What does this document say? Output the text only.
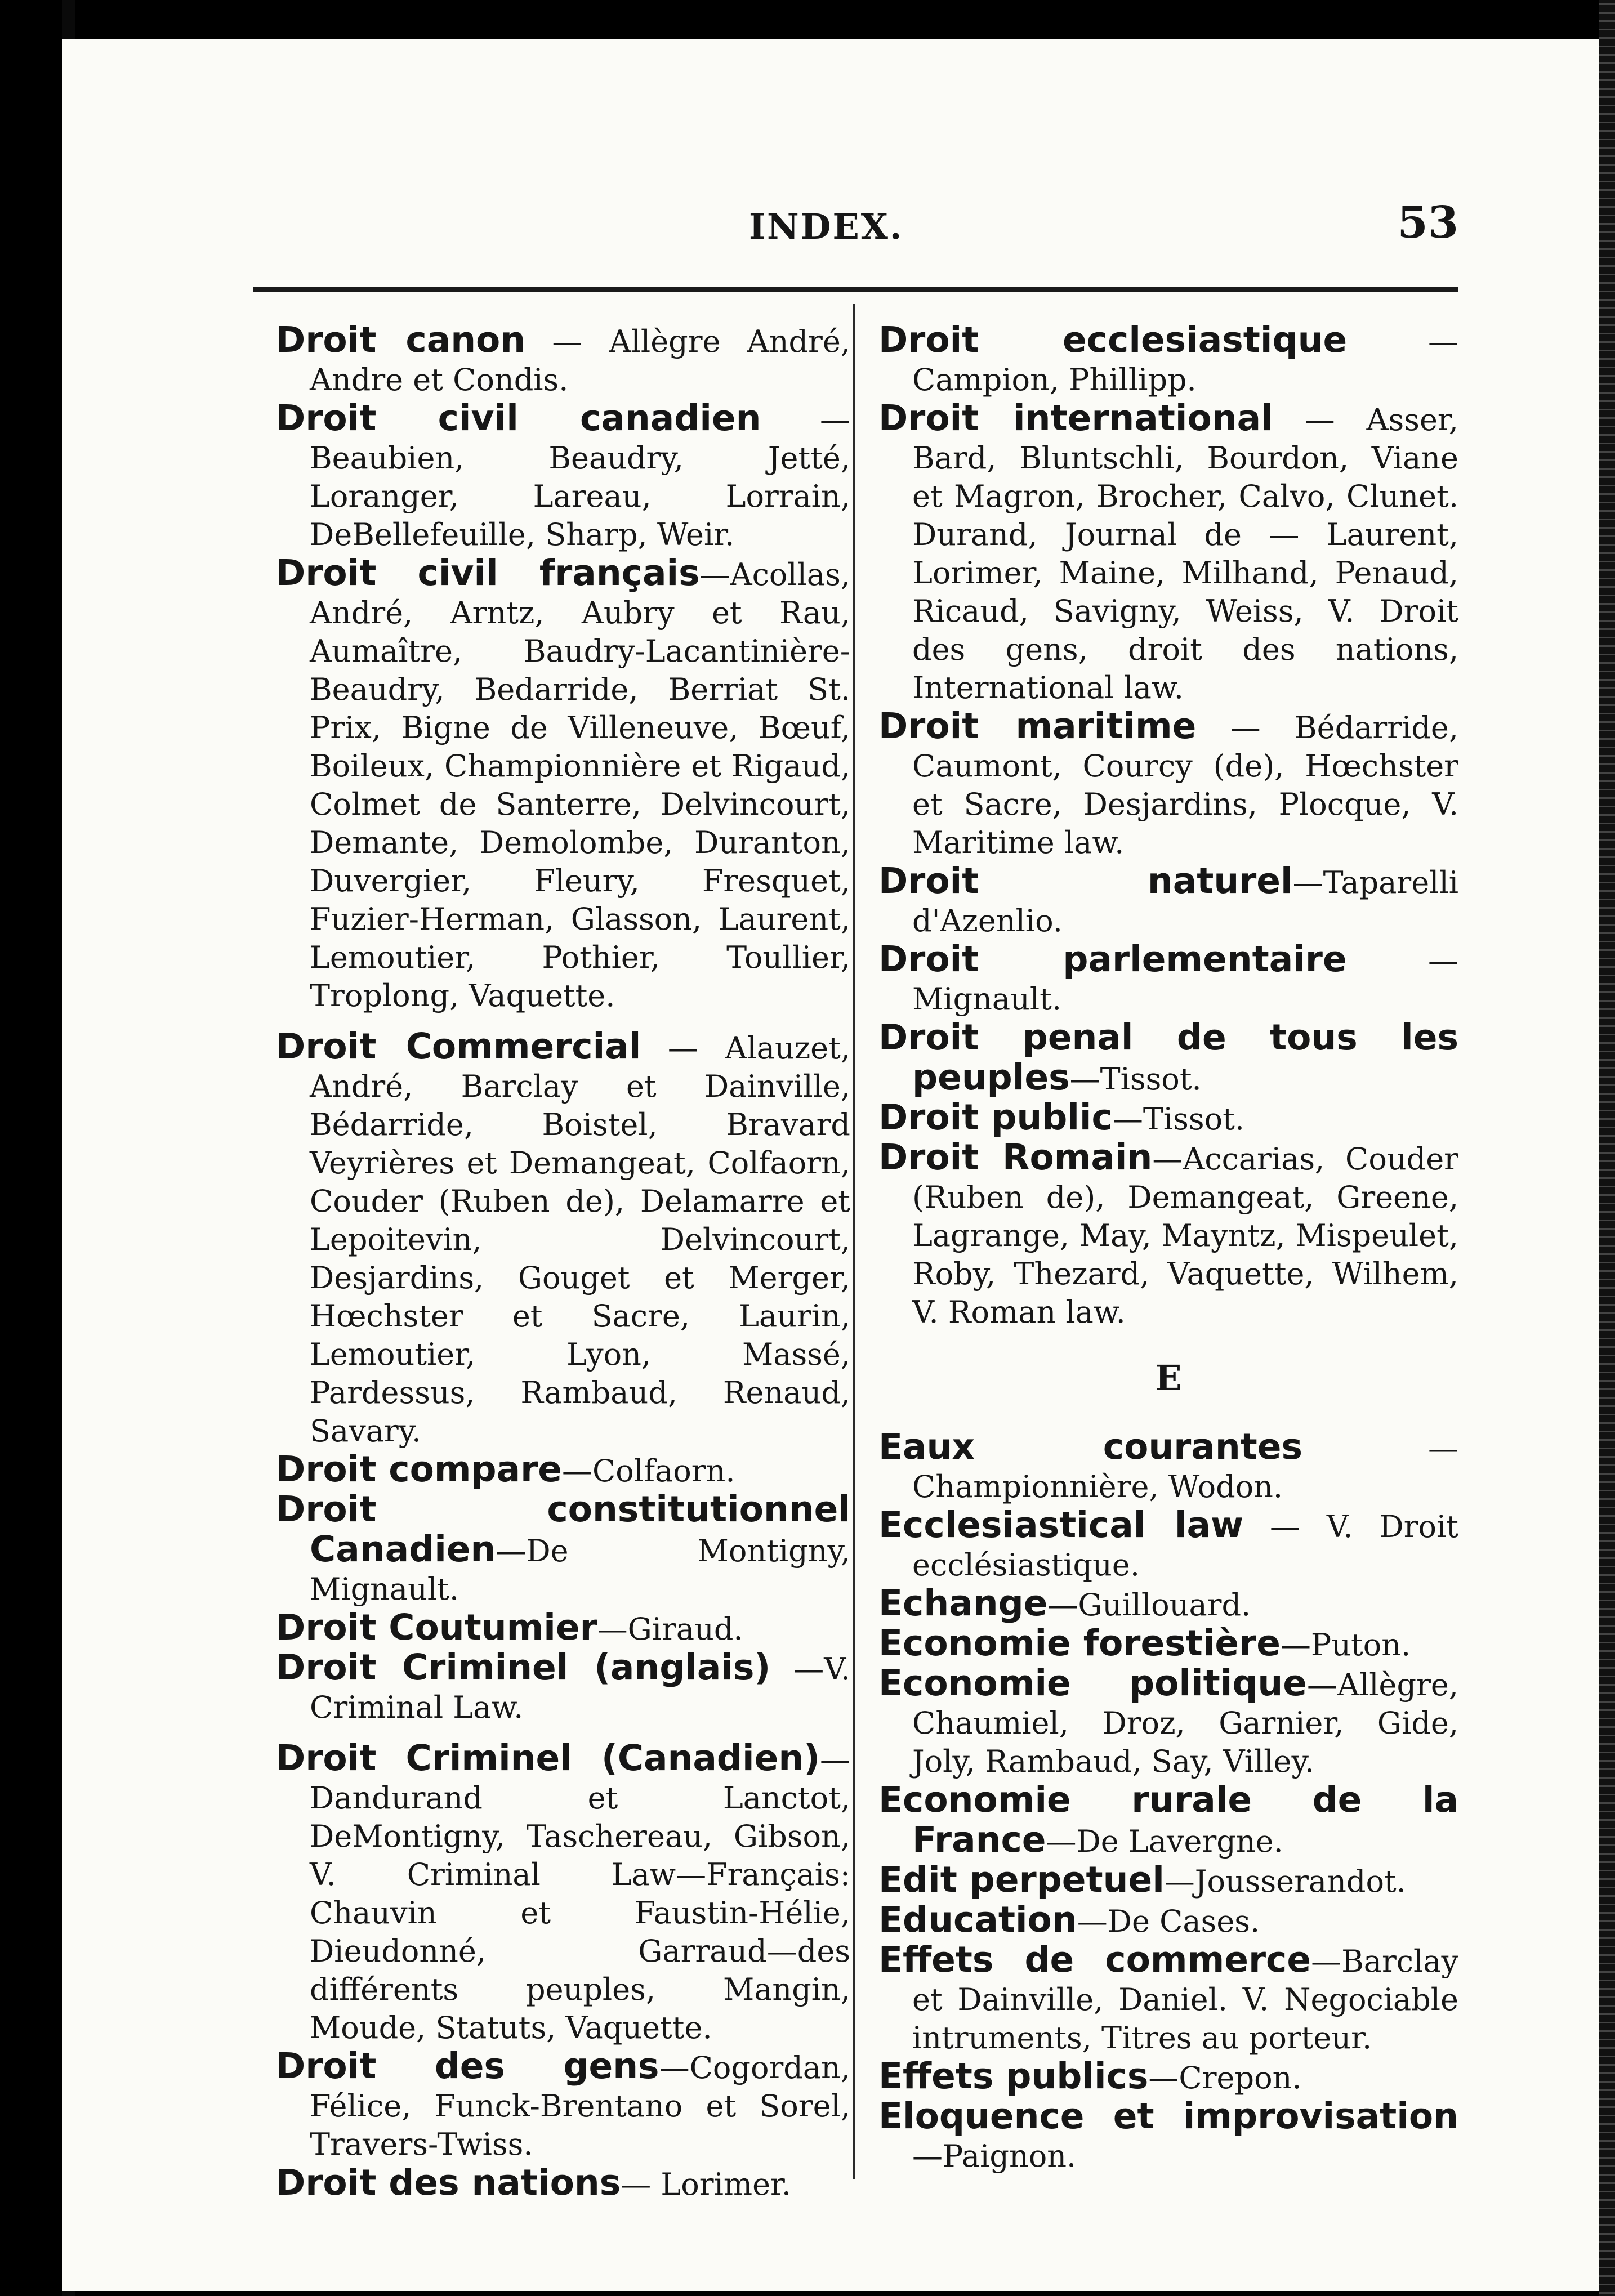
INDEX.	53

Droit canon — Allègre André, Andre et Condis.

Droit civil canadien — Beaubien, Beaudry, Jetté, Loranger, Lareau, Lorrain, DeBellefeuille, Sharp, Weir.

Droit civil français—Acollas, André, Arntz, Aubry et Rau, Aumaître, Baudry-Lacantinière-Beaudry, Bedarride, Berriat St. Prix, Bigne de Villeneuve, Bœuf, Boileux, Championnière et Rigaud, Colmet de Santerre, Delvincourt, Demante, Demolombe, Duranton, Duvergier, Fleury, Fresquet, Fuzier-Herman, Glasson, Laurent, Lemoutier, Pothier, Toullier, Troplong, Vaquette.

Droit Commercial — Alauzet, André, Barclay et Dainville, Bédarride, Boistel, Bravard Veyrières et Demangeat, Colfaorn, Couder (Ruben de), Delamarre et Lepoitevin, Delvincourt, Desjardins, Gouget et Merger, Hœchster et Sacre, Laurin, Lemoutier, Lyon, Massé, Pardessus, Rambaud, Renaud, Savary.

Droit compare—Colfaorn.

Droit constitutionnel Canadien—De Montigny, Mignault.

Droit Coutumier—Giraud.

Droit Criminel (anglais) —V. Criminal Law.

Droit Criminel (Canadien)— Dandurand et Lanctot, DeMontigny, Taschereau, Gibson, V. Criminal Law—Français: Chauvin et Faustin-Hélie, Dieudonné, Garraud—des différents peuples, Mangin, Moude, Statuts, Vaquette.

Droit des gens—Cogordan, Félice, Funck-Brentano et Sorel, Travers-Twiss.

Droit des nations— Lorimer.

Droit ecclesiastique — Campion, Phillipp.

Droit international — Asser, Bard, Bluntschli, Bourdon, Viane et Magron, Brocher, Calvo, Clunet. Durand, Journal de — Laurent, Lorimer, Maine, Milhand, Penaud, Ricaud, Savigny, Weiss, V. Droit des gens, droit des nations, International law.

Droit maritime — Bédarride, Caumont, Courcy (de), Hœchster et Sacre, Desjardins, Plocque, V. Maritime law.

Droit naturel—Taparelli d'Azenlio.

Droit parlementaire — Mignault.

Droit penal de tous les peuples—Tissot.

Droit public—Tissot.

Droit Romain—Accarias, Couder (Ruben de), Demangeat, Greene, Lagrange, May, Mayntz, Mispeulet, Roby, Thezard, Vaquette, Wilhem, V. Roman law.

E

Eaux courantes — Championnière, Wodon.

Ecclesiastical law — V. Droit ecclésiastique.

Echange—Guillouard.

Economie forestière—Puton.

Economie politique—Allègre, Chaumiel, Droz, Garnier, Gide, Joly, Rambaud, Say, Villey.

Economie rurale de la France—De Lavergne.

Edit perpetuel—Jousserandot.

Education—De Cases.

Effets de commerce—Barclay et Dainville, Daniel. V. Negociable intruments, Titres au porteur.

Effets publics—Crepon.

Eloquence et improvisation —Paignon.
